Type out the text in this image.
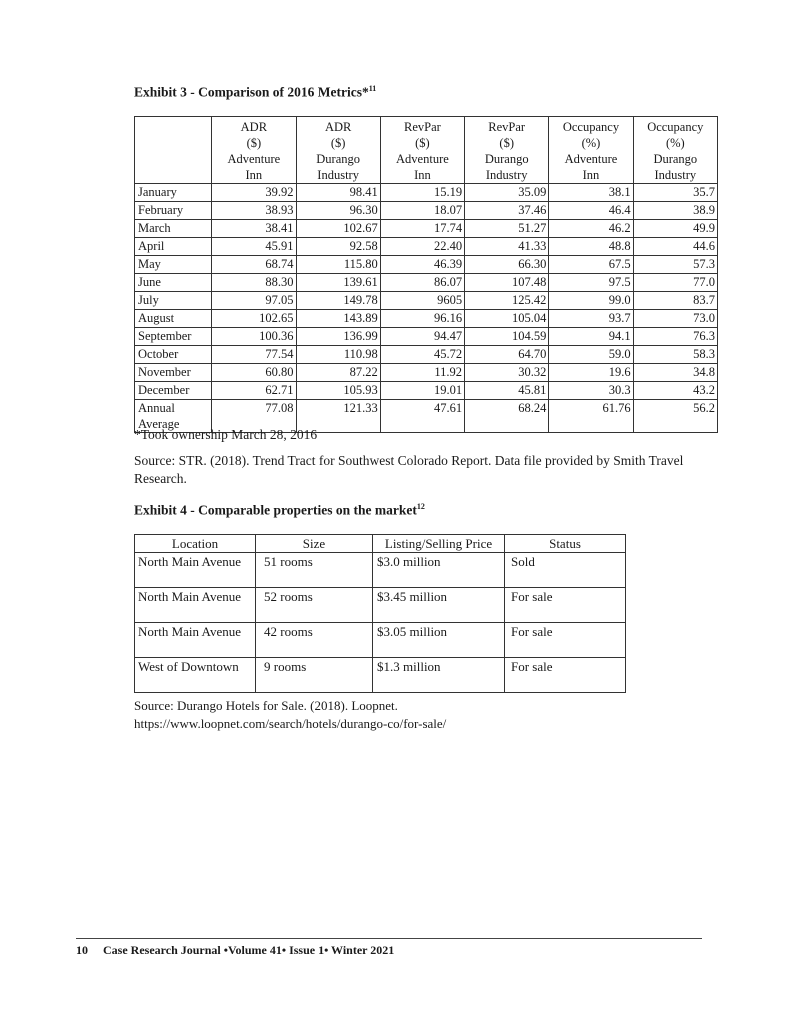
Exhibit 3 - Comparison of 2016 Metrics*$^{11}$
	ADR
($)
Adventure
Inn	ADR
($)
Durango
Industry	RevPar
($)
Adventure
Inn	RevPar
($)
Durango
Industry	Occupancy
(%)
Adventure
Inn	Occupancy
(%)
Durango
Industry
January	39.92	98.41	15.19	35.09	38.1	35.7
February	38.93	96.30	18.07	37.46	46.4	38.9
March	38.41	102.67	17.74	51.27	46.2	49.9
April	45.91	92.58	22.40	41.33	48.8	44.6
May	68.74	115.80	46.39	66.30	67.5	57.3
June	88.30	139.61	86.07	107.48	97.5	77.0
July	97.05	149.78	9605	125.42	99.0	83.7
August	102.65	143.89	96.16	105.04	93.7	73.0
September	100.36	136.99	94.47	104.59	94.1	76.3
October	77.54	110.98	45.72	64.70	59.0	58.3
November	60.80	87.22	11.92	30.32	19.6	34.8
December	62.71	105.93	19.01	45.81	30.3	43.2
Annual Average	77.08	121.33	47.61	68.24	61.76	56.2
*Took ownership March 28, 2016
Source: STR. (2018). Trend Tract for Southwest Colorado Report. Data file provided by Smith Travel Research.
Exhibit 4 - Comparable properties on the market$^{12}$
Location	Size	Listing/Selling Price	Status
North Main Avenue	51 rooms	$3.0 million	Sold
North Main Avenue	52 rooms	$3.45 million	For sale
North Main Avenue	42 rooms	$3.05 million	For sale
West of Downtown	9 rooms	$1.3 million	For sale
Source: Durango Hotels for Sale. (2018). Loopnet.
https://www.loopnet.com/search/hotels/durango-co/for-sale/
10 Case Research Journal •Volume 41• Issue 1• Winter 2021
